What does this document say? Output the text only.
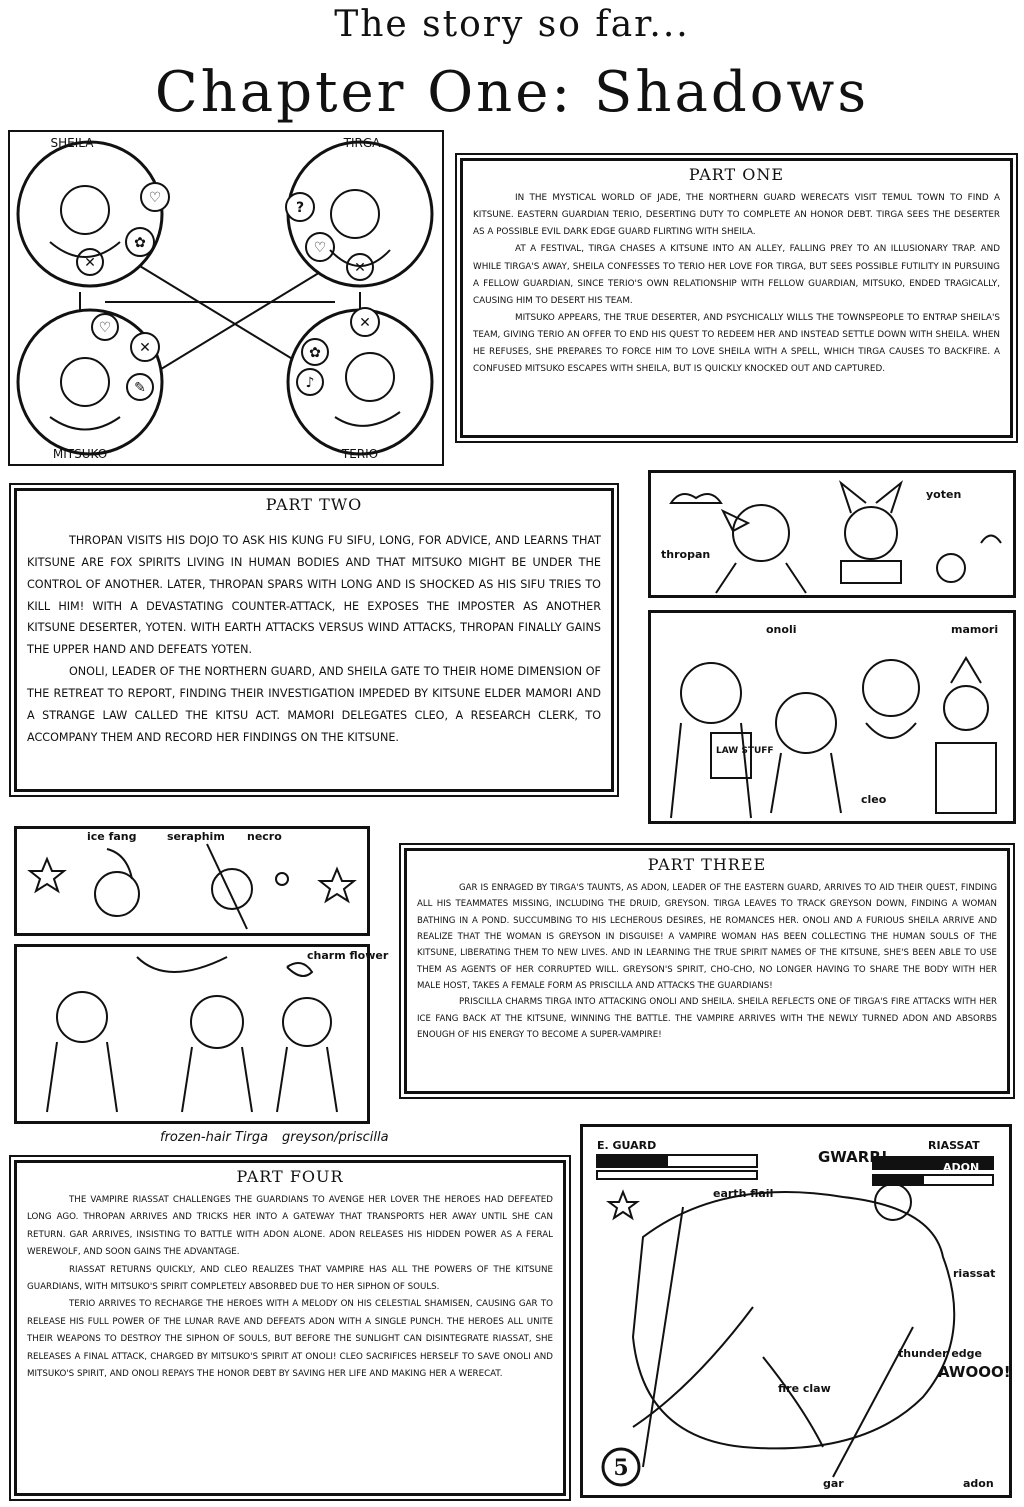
The story so far...
Chapter One: Shadows
♡
✿
✕
?
♡
✕
♡
✕
✎
✕
✿
♪
SHEILA	TIRGA
MITSUKO	TERIO
PART ONE

IN THE MYSTICAL WORLD OF JADE, THE NORTHERN GUARD WERECATS VISIT TEMUL TOWN TO FIND A KITSUNE. EASTERN GUARDIAN TERIO, DESERTING DUTY TO COMPLETE AN HONOR DEBT. TIRGA SEES THE DESERTER AS A POSSIBLE EVIL DARK EDGE GUARD FLIRTING WITH SHEILA.

AT A FESTIVAL, TIRGA CHASES A KITSUNE INTO AN ALLEY, FALLING PREY TO AN ILLUSIONARY TRAP. AND WHILE TIRGA'S AWAY, SHEILA CONFESSES TO TERIO HER LOVE FOR TIRGA, BUT SEES POSSIBLE FUTILITY IN PURSUING A FELLOW GUARDIAN, SINCE TERIO'S OWN RELATIONSHIP WITH FELLOW GUARDIAN, MITSUKO, ENDED TRAGICALLY, CAUSING HIM TO DESERT HIS TEAM.

MITSUKO APPEARS, THE TRUE DESERTER, AND PSYCHICALLY WILLS THE TOWNSPEOPLE TO ENTRAP SHEILA'S TEAM, GIVING TERIO AN OFFER TO END HIS QUEST TO REDEEM HER AND INSTEAD SETTLE DOWN WITH SHEILA. WHEN HE REFUSES, SHE PREPARES TO FORCE HIM TO LOVE SHEILA WITH A SPELL, WHICH TIRGA CAUSES TO BACKFIRE. A CONFUSED MITSUKO ESCAPES WITH SHEILA, BUT IS QUICKLY KNOCKED OUT AND CAPTURED.

PART TWO

THROPAN VISITS HIS DOJO TO ASK HIS KUNG FU SIFU, LONG, FOR ADVICE, AND LEARNS THAT KITSUNE ARE FOX SPIRITS LIVING IN HUMAN BODIES AND THAT MITSUKO MIGHT BE UNDER THE CONTROL OF ANOTHER. LATER, THROPAN SPARS WITH LONG AND IS SHOCKED AS HIS SIFU TRIES TO KILL HIM! WITH A DEVASTATING COUNTER-ATTACK, HE EXPOSES THE IMPOSTER AS ANOTHER KITSUNE DESERTER, YOTEN. WITH EARTH ATTACKS VERSUS WIND ATTACKS, THROPAN FINALLY GAINS THE UPPER HAND AND DEFEATS YOTEN.

ONOLI, LEADER OF THE NORTHERN GUARD, AND SHEILA GATE TO THEIR HOME DIMENSION OF THE RETREAT TO REPORT, FINDING THEIR INVESTIGATION IMPEDED BY KITSUNE ELDER MAMORI AND A STRANGE LAW CALLED THE KITSU ACT. MAMORI DELEGATES CLEO, A RESEARCH CLERK, TO ACCOMPANY THEM AND RECORD HER FINDINGS ON THE KITSUNE.

thropan
yoten
onoli	mamori
cleo
LAW STUFF
ice fang	seraphim necro
charm flower
frozen-hair Tirga greyson/priscilla
PART THREE

GAR IS ENRAGED BY TIRGA'S TAUNTS, AS ADON, LEADER OF THE EASTERN GUARD, ARRIVES TO AID THEIR QUEST, FINDING ALL HIS TEAMMATES MISSING, INCLUDING THE DRUID, GREYSON. TIRGA LEAVES TO TRACK GREYSON DOWN, FINDING A WOMAN BATHING IN A POND. SUCCUMBING TO HIS LECHEROUS DESIRES, HE ROMANCES HER. ONOLI AND A FURIOUS SHEILA ARRIVE AND REALIZE THAT THE WOMAN IS GREYSON IN DISGUISE! A VAMPIRE WOMAN HAS BEEN COLLECTING THE HUMAN SOULS OF THE KITSUNE, LIBERATING THEM TO NEW LIVES. AND IN LEARNING THE TRUE SPIRIT NAMES OF THE KITSUNE, SHE'S BEEN ABLE TO USE THEM AS AGENTS OF HER CORRUPTED WILL. GREYSON'S SPIRIT, CHO-CHO, NO LONGER HAVING TO SHARE THE BODY WITH HER MALE HOST, TAKES A FEMALE FORM AS PRISCILLA AND ATTACKS THE GUARDIANS!

PRISCILLA CHARMS TIRGA INTO ATTACKING ONOLI AND SHEILA. SHEILA REFLECTS ONE OF TIRGA'S FIRE ATTACKS WITH HER ICE FANG BACK AT THE KITSUNE, WINNING THE BATTLE. THE VAMPIRE ARRIVES WITH THE NEWLY TURNED ADON AND ABSORBS ENOUGH OF HIS ENERGY TO BECOME A SUPER-VAMPIRE!

PART FOUR

THE VAMPIRE RIASSAT CHALLENGES THE GUARDIANS TO AVENGE HER LOVER THE HEROES HAD DEFEATED LONG AGO. THROPAN ARRIVES AND TRICKS HER INTO A GATEWAY THAT TRANSPORTS HER AWAY UNTIL SHE CAN RETURN. GAR ARRIVES, INSISTING TO BATTLE WITH ADON ALONE. ADON RELEASES HIS HIDDEN POWER AS A FERAL WEREWOLF, AND SOON GAINS THE ADVANTAGE.

RIASSAT RETURNS QUICKLY, AND CLEO REALIZES THAT VAMPIRE HAS ALL THE POWERS OF THE KITSUNE GUARDIANS, WITH MITSUKO'S SPIRIT COMPLETELY ABSORBED DUE TO HER SIPHON OF SOULS.

TERIO ARRIVES TO RECHARGE THE HEROES WITH A MELODY ON HIS CELESTIAL SHAMISEN, CAUSING GAR TO RELEASE HIS FULL POWER OF THE LUNAR RAVE AND DEFEATS ADON WITH A SINGLE PUNCH. THE HEROES ALL UNITE THEIR WEAPONS TO DESTROY THE SIPHON OF SOULS, BUT BEFORE THE SUNLIGHT CAN DISINTEGRATE RIASSAT, SHE RELEASES A FINAL ATTACK, CHARGED BY MITSUKO'S SPIRIT AT ONOLI! CLEO SACRIFICES HERSELF TO SAVE ONOLI AND MITSUKO'S SPIRIT, AND ONOLI REPAYS THE HONOR DEBT BY SAVING HER LIFE AND MAKING HER A WERECAT.

5
E. GUARD	RIASSAT
ADON
GWARR!
AWOOO!
earth flail
riassat
fire claw
thunder edge
gar	adon
